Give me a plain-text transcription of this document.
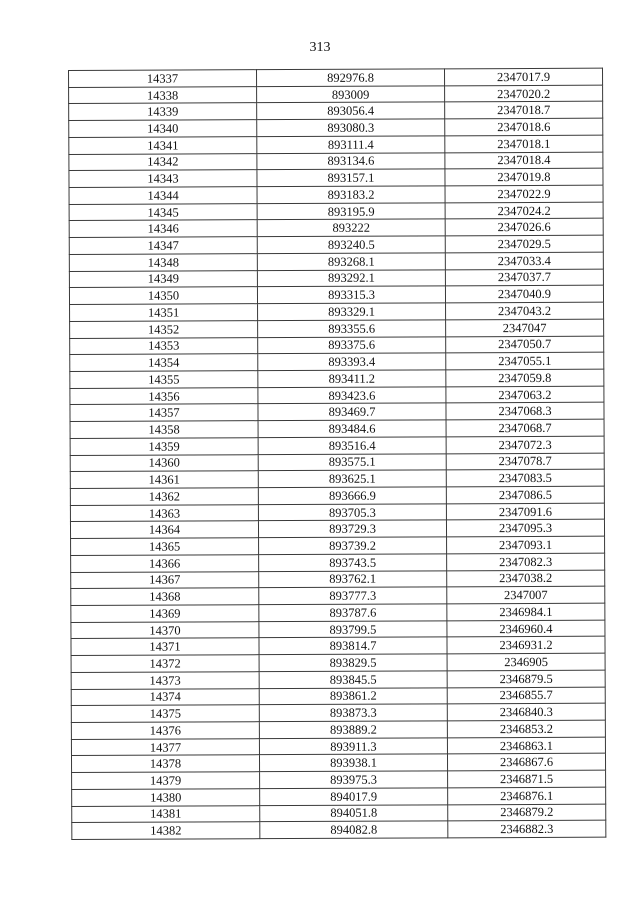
313
14337	892976.8	2347017.9
14338	893009	2347020.2
14339	893056.4	2347018.7
14340	893080.3	2347018.6
14341	893111.4	2347018.1
14342	893134.6	2347018.4
14343	893157.1	2347019.8
14344	893183.2	2347022.9
14345	893195.9	2347024.2
14346	893222	2347026.6
14347	893240.5	2347029.5
14348	893268.1	2347033.4
14349	893292.1	2347037.7
14350	893315.3	2347040.9
14351	893329.1	2347043.2
14352	893355.6	2347047
14353	893375.6	2347050.7
14354	893393.4	2347055.1
14355	893411.2	2347059.8
14356	893423.6	2347063.2
14357	893469.7	2347068.3
14358	893484.6	2347068.7
14359	893516.4	2347072.3
14360	893575.1	2347078.7
14361	893625.1	2347083.5
14362	893666.9	2347086.5
14363	893705.3	2347091.6
14364	893729.3	2347095.3
14365	893739.2	2347093.1
14366	893743.5	2347082.3
14367	893762.1	2347038.2
14368	893777.3	2347007
14369	893787.6	2346984.1
14370	893799.5	2346960.4
14371	893814.7	2346931.2
14372	893829.5	2346905
14373	893845.5	2346879.5
14374	893861.2	2346855.7
14375	893873.3	2346840.3
14376	893889.2	2346853.2
14377	893911.3	2346863.1
14378	893938.1	2346867.6
14379	893975.3	2346871.5
14380	894017.9	2346876.1
14381	894051.8	2346879.2
14382	894082.8	2346882.3
